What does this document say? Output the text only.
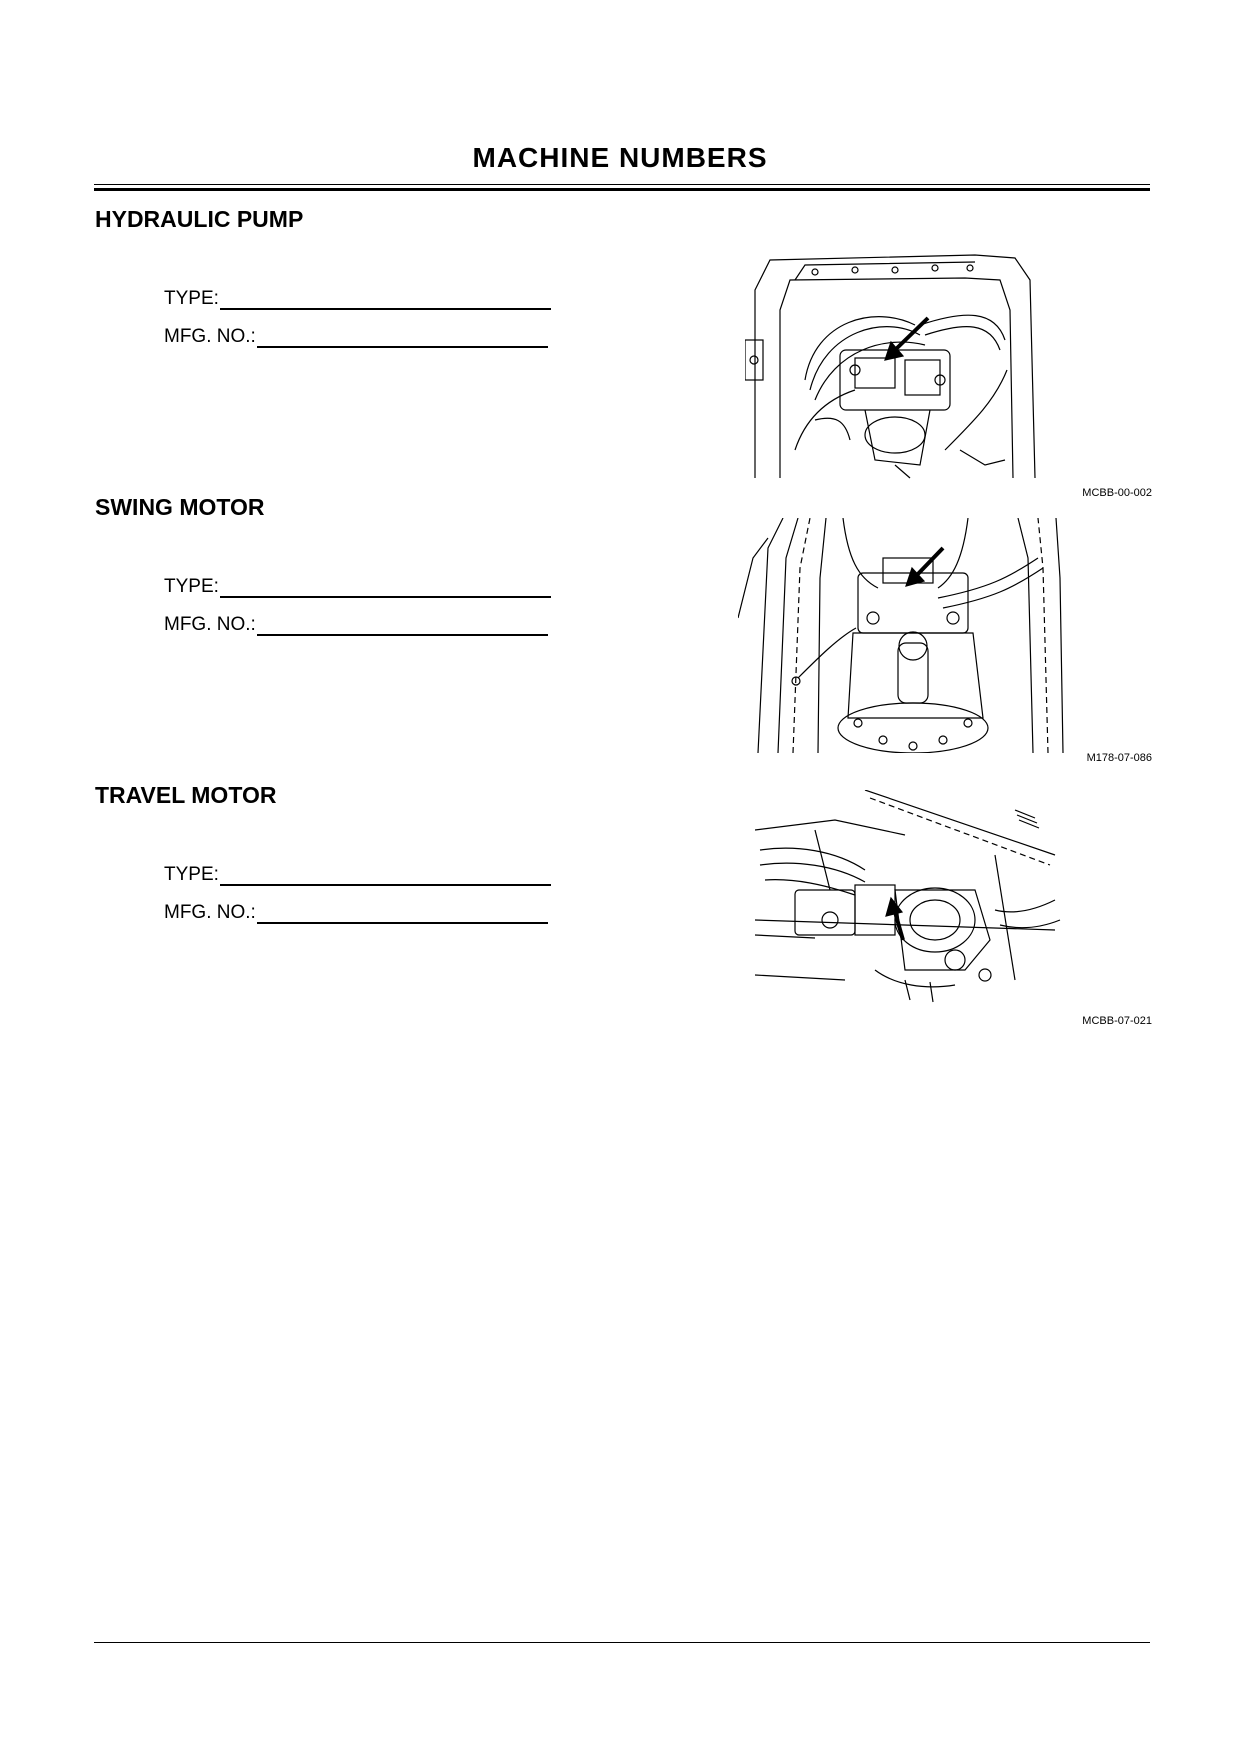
MACHINE NUMBERS
HYDRAULIC PUMP
TYPE:
MFG. NO.:
MCBB-00-002
SWING MOTOR
TYPE:
MFG. NO.:
M178-07-086
TRAVEL MOTOR
TYPE:
MFG. NO.:
MCBB-07-021
